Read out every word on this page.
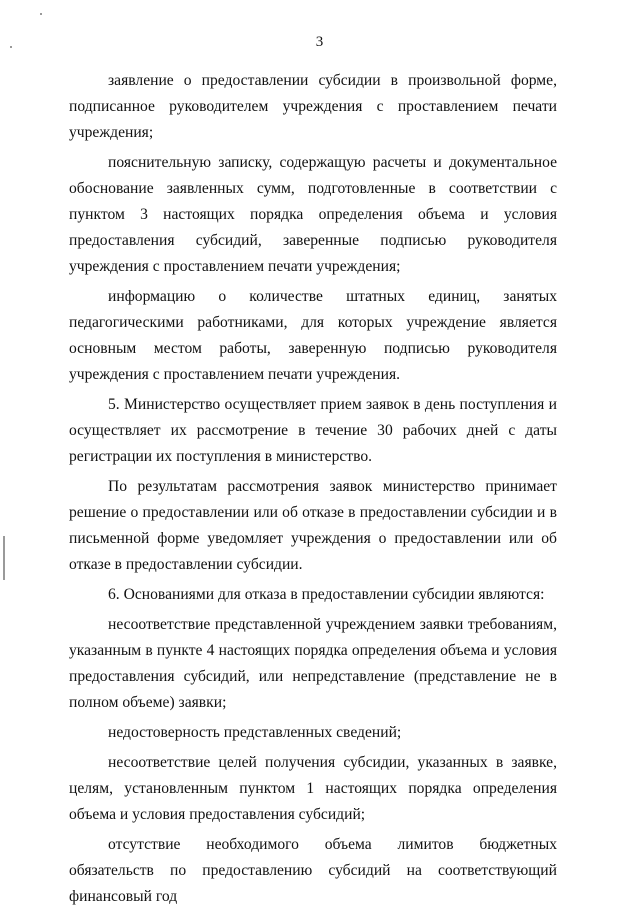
3

заявление о предоставлении субсидии в произвольной форме, подписанное руководителем учреждения с проставлением печати учреждения;

пояснительную записку, содержащую расчеты и документальное обоснование заявленных сумм, подготовленные в соответствии с пунктом 3 настоящих порядка определения объема и условия предоставления субсидий, заверенные подписью руководителя учреждения с проставлением печати учреждения;

информацию о количестве штатных единиц, занятых педагогическими работниками, для которых учреждение является основным местом работы, заверенную подписью руководителя учреждения с проставлением печати учреждения.

5. Министерство осуществляет прием заявок в день поступления и осуществляет их рассмотрение в течение 30 рабочих дней с даты регистрации их поступления в министерство.

По результатам рассмотрения заявок министерство принимает решение о предоставлении или об отказе в предоставлении субсидии и в письменной форме уведомляет учреждения о предоставлении или об отказе в предоставлении субсидии.

6. Основаниями для отказа в предоставлении субсидии являются:

несоответствие представленной учреждением заявки требованиям, указанным в пункте 4 настоящих порядка определения объема и условия предоставления субсидий, или непредставление (представление не в полном объеме) заявки;

недостоверность представленных сведений;

несоответствие целей получения субсидии, указанных в заявке, целям, установленным пунктом 1 настоящих порядка определения объема и условия предоставления субсидий;

отсутствие необходимого объема лимитов бюджетных обязательств по предоставлению субсидий на соответствующий финансовый год
